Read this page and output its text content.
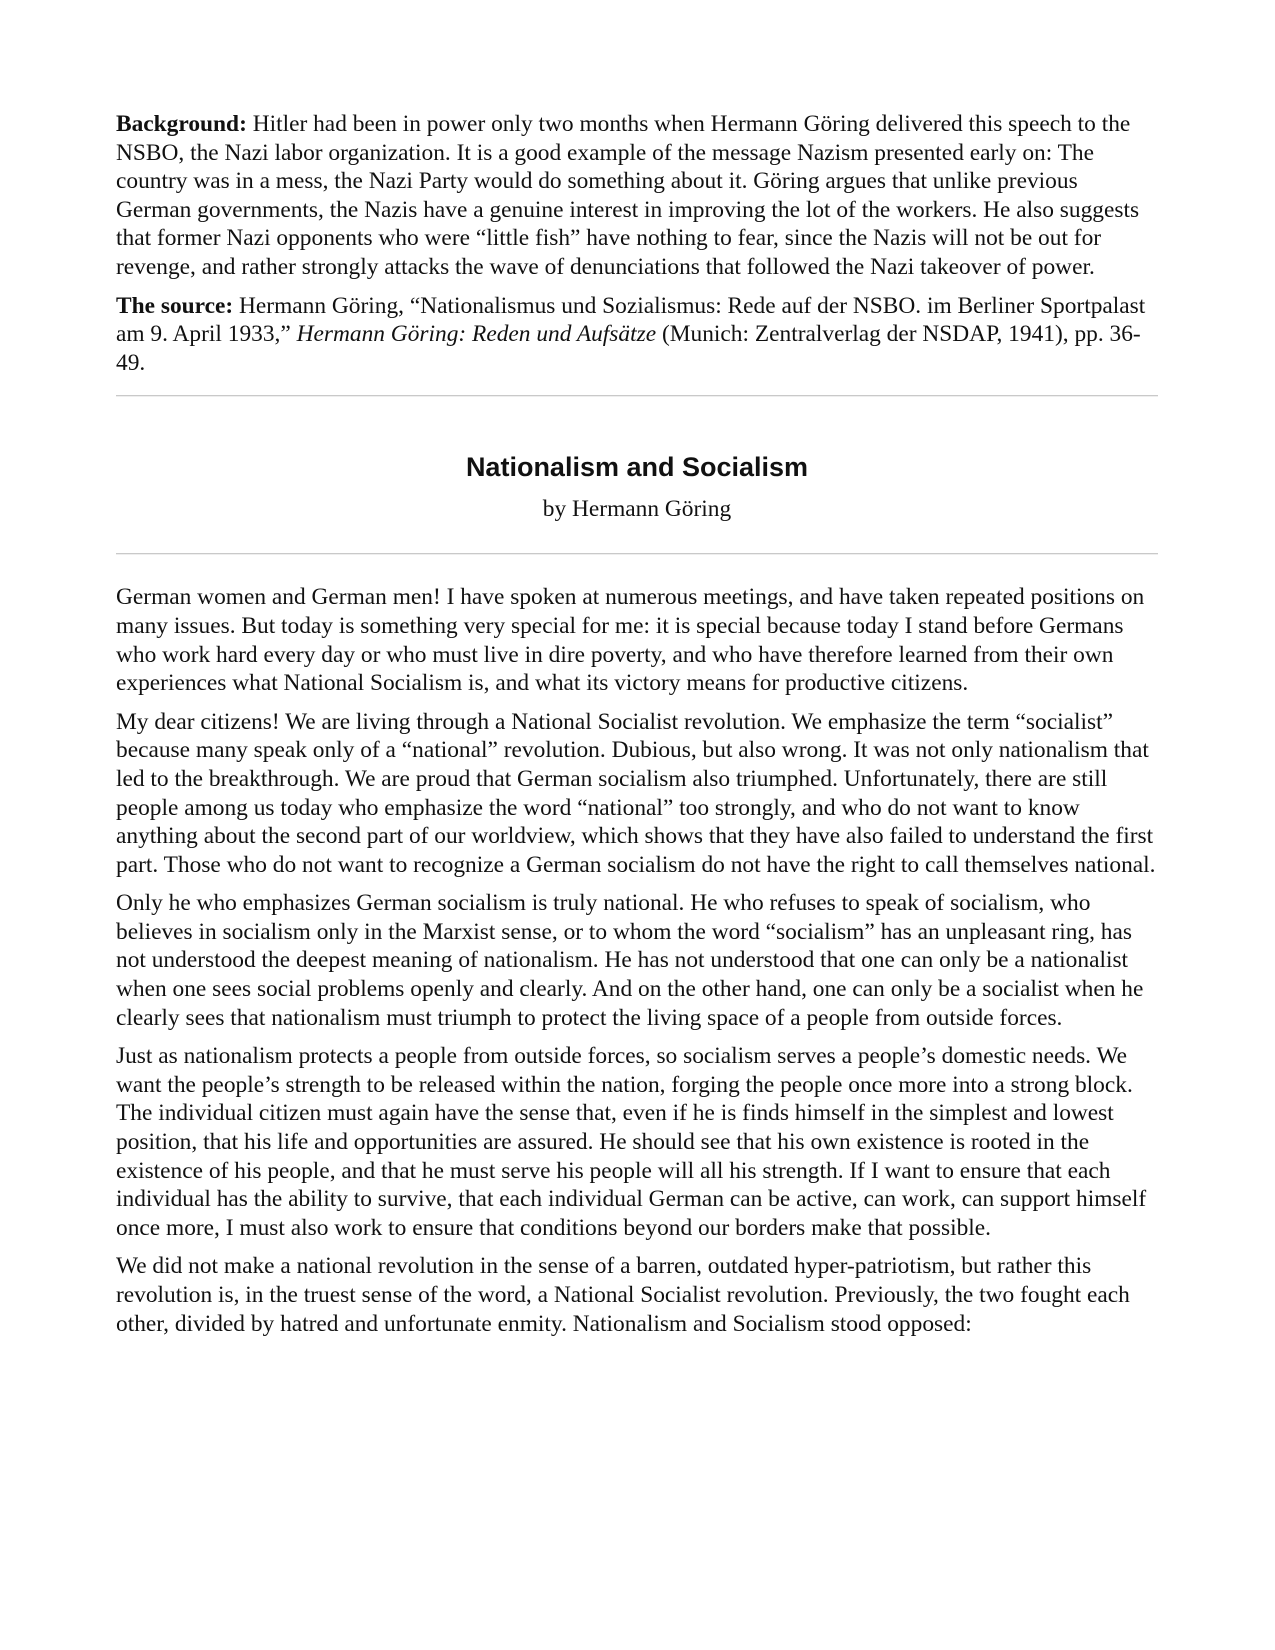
Background: Hitler had been in power only two months when Hermann Göring delivered this speech to the NSBO, the Nazi labor organization. It is a good example of the message Nazism presented early on: The country was in a mess, the Nazi Party would do something about it. Göring argues that unlike previous German governments, the Nazis have a genuine interest in improving the lot of the workers. He also suggests that former Nazi opponents who were “little fish” have nothing to fear, since the Nazis will not be out for revenge, and rather strongly attacks the wave of denunciations that followed the Nazi takeover of power.

The source: Hermann Göring, “Nationalismus und Sozialismus: Rede auf der NSBO. im Berliner Sportpalast am 9. April 1933,” Hermann Göring: Reden und Aufsätze (Munich: Zentralverlag der NSDAP, 1941), pp. 36-49.

Nationalism and Socialism

by Hermann Göring

German women and German men! I have spoken at numerous meetings, and have taken repeated positions on many issues. But today is something very special for me: it is special because today I stand before Germans who work hard every day or who must live in dire poverty, and who have therefore learned from their own experiences what National Socialism is, and what its victory means for productive citizens.

My dear citizens! We are living through a National Socialist revolution. We emphasize the term “socialist” because many speak only of a “national” revolution. Dubious, but also wrong. It was not only nationalism that led to the breakthrough. We are proud that German socialism also triumphed. Unfortunately, there are still people among us today who emphasize the word “national” too strongly, and who do not want to know anything about the second part of our worldview, which shows that they have also failed to understand the first part. Those who do not want to recognize a German socialism do not have the right to call themselves national.

Only he who emphasizes German socialism is truly national. He who refuses to speak of socialism, who believes in socialism only in the Marxist sense, or to whom the word “socialism” has an unpleasant ring, has not understood the deepest meaning of nationalism. He has not understood that one can only be a nationalist when one sees social problems openly and clearly. And on the other hand, one can only be a socialist when he clearly sees that nationalism must triumph to protect the living space of a people from outside forces.

Just as nationalism protects a people from outside forces, so socialism serves a people’s domestic needs. We want the people’s strength to be released within the nation, forging the people once more into a strong block. The individual citizen must again have the sense that, even if he is finds himself in the simplest and lowest position, that his life and opportunities are assured. He should see that his own existence is rooted in the existence of his people, and that he must serve his people will all his strength. If I want to ensure that each individual has the ability to survive, that each individual German can be active, can work, can support himself once more, I must also work to ensure that conditions beyond our borders make that possible.

We did not make a national revolution in the sense of a barren, outdated hyper-patriotism, but rather this revolution is, in the truest sense of the word, a National Socialist revolution. Previously, the two fought each other, divided by hatred and unfortunate enmity. Nationalism and Socialism stood opposed:
